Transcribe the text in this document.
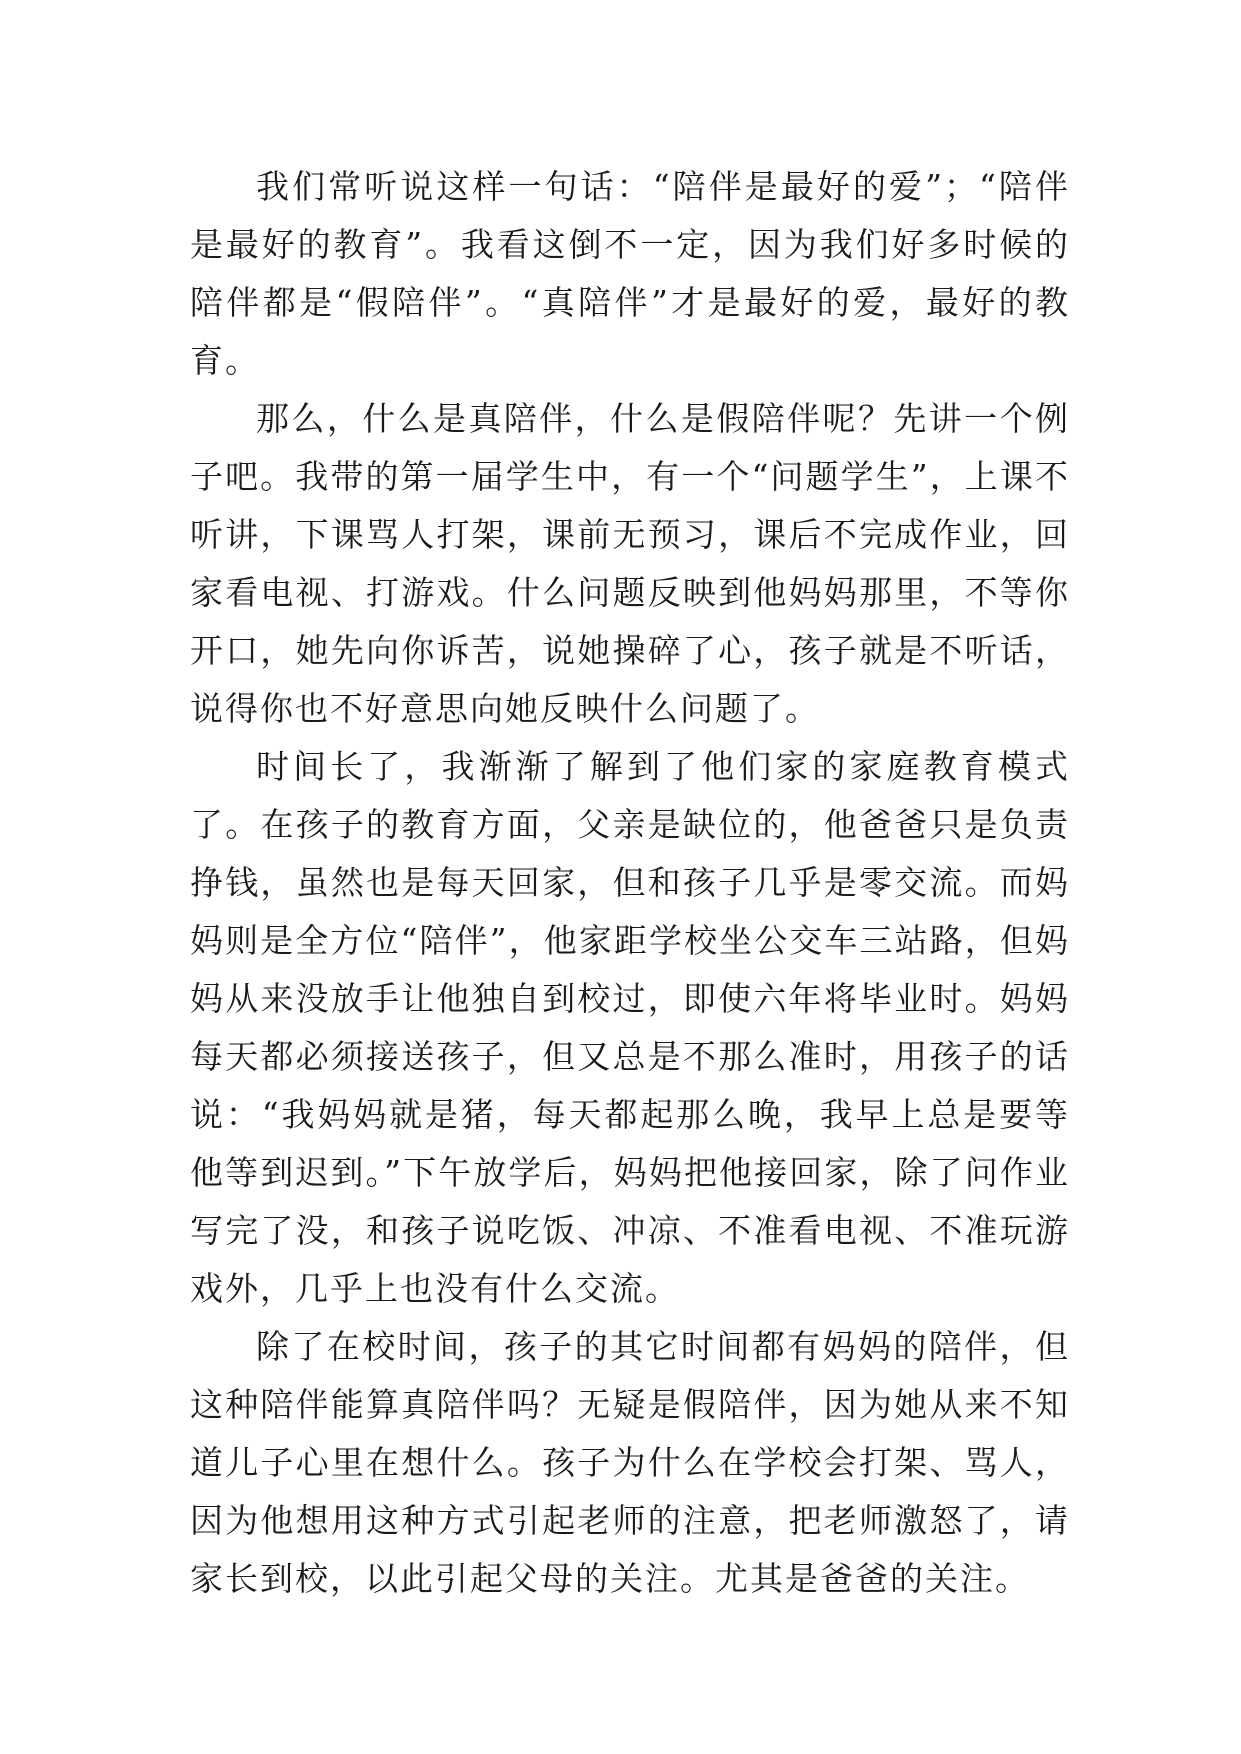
我们常听说这样一句话：“陪伴是最好的爱”；“陪伴是最好的教育”。我看这倒不一定，因为我们好多时候的陪伴都是“假陪伴”。“真陪伴”才是最好的爱，最好的教育。

那么，什么是真陪伴，什么是假陪伴呢？先讲一个例子吧。我带的第一届学生中，有一个“问题学生”，上课不听讲，下课骂人打架，课前无预习，课后不完成作业，回家看电视、打游戏。什么问题反映到他妈妈那里，不等你开口，她先向你诉苦，说她操碎了心，孩子就是不听话，说得你也不好意思向她反映什么问题了。

时间长了，我渐渐了解到了他们家的家庭教育模式了。在孩子的教育方面，父亲是缺位的，他爸爸只是负责挣钱，虽然也是每天回家，但和孩子几乎是零交流。而妈妈则是全方位“陪伴”，他家距学校坐公交车三站路，但妈妈从来没放手让他独自到校过，即使六年将毕业时。妈妈每天都必须接送孩子，但又总是不那么准时，用孩子的话说：“我妈妈就是猪，每天都起那么晚，我早上总是要等他等到迟到。”下午放学后，妈妈把他接回家，除了问作业写完了没，和孩子说吃饭、冲凉、不准看电视、不准玩游戏外，几乎上也没有什么交流。

除了在校时间，孩子的其它时间都有妈妈的陪伴，但这种陪伴能算真陪伴吗？无疑是假陪伴，因为她从来不知道儿子心里在想什么。孩子为什么在学校会打架、骂人，因为他想用这种方式引起老师的注意，把老师激怒了，请家长到校，以此引起父母的关注。尤其是爸爸的关注。
